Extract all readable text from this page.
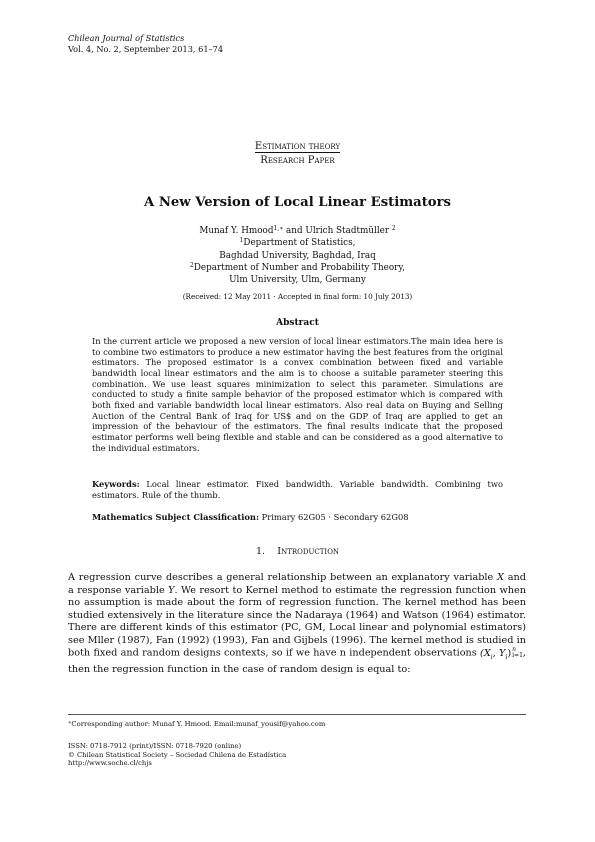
Chilean Journal of Statistics
Vol. 4, No. 2, September 2013, 61–74
Estimation theory
Research Paper
A New Version of Local Linear Estimators
Munaf Y. Hmood$^{1,∗}$ and Ulrich Stadtmüller $^2$
$^1$Department of Statistics,
Baghdad University, Baghdad, Iraq
$^2$Department of Number and Probability Theory,
Ulm University, Ulm, Germany
(Received: 12 May 2011 · Accepted in final form: 10 July 2013)
Abstract
In the current article we proposed a new version of local linear estimators.The main idea here is to combine two estimators to produce a new estimator having the best features from the original estimators. The proposed estimator is a convex combination between fixed and variable bandwidth local linear estimators and the aim is to choose a suitable parameter steering this combination. We use least squares minimization to select this parameter. Simulations are conducted to study a finite sample behavior of the proposed estimator which is compared with both fixed and variable bandwidth local linear estimators. Also real data on Buying and Selling Auction of the Central Bank of Iraq for US$ and on the GDP of Iraq are applied to get an impression of the behaviour of the estimators. The final results indicate that the proposed estimator performs well being flexible and stable and can be considered as a good alternative to the individual estimators.
Keywords: Local linear estimator. Fixed bandwidth. Variable bandwidth. Combining two estimators. Rule of the thumb.
Mathematics Subject Classification: Primary 62G05 · Secondary 62G08
1. Introduction
A regression curve describes a general relationship between an explanatory variable X and a response variable Y. We resort to Kernel method to estimate the regression function when no assumption is made about the form of regression function. The kernel method has been studied extensively in the literature since the Nadaraya (1964) and Watson (1964) estimator. There are different kinds of this estimator (PC, GM, Local linear and polynomial estimators) see Mller (1987), Fan (1992) (1993), Fan and Gijbels (1996). The kernel method is studied in both fixed and random designs contexts, so if we have n independent observations ($X_i$, $Y_i$) n
i=1 , then the regression function in the case of random design is equal to:
∗Corresponding author: Munaf Y. Hmood. Email:munaf_yousif@yahoo.com
ISSN: 0718-7912 (print)/ISSN: 0718-7920 (online)
© Chilean Statistical Society – Sociedad Chilena de Estadística
http://www.soche.cl/chjs
